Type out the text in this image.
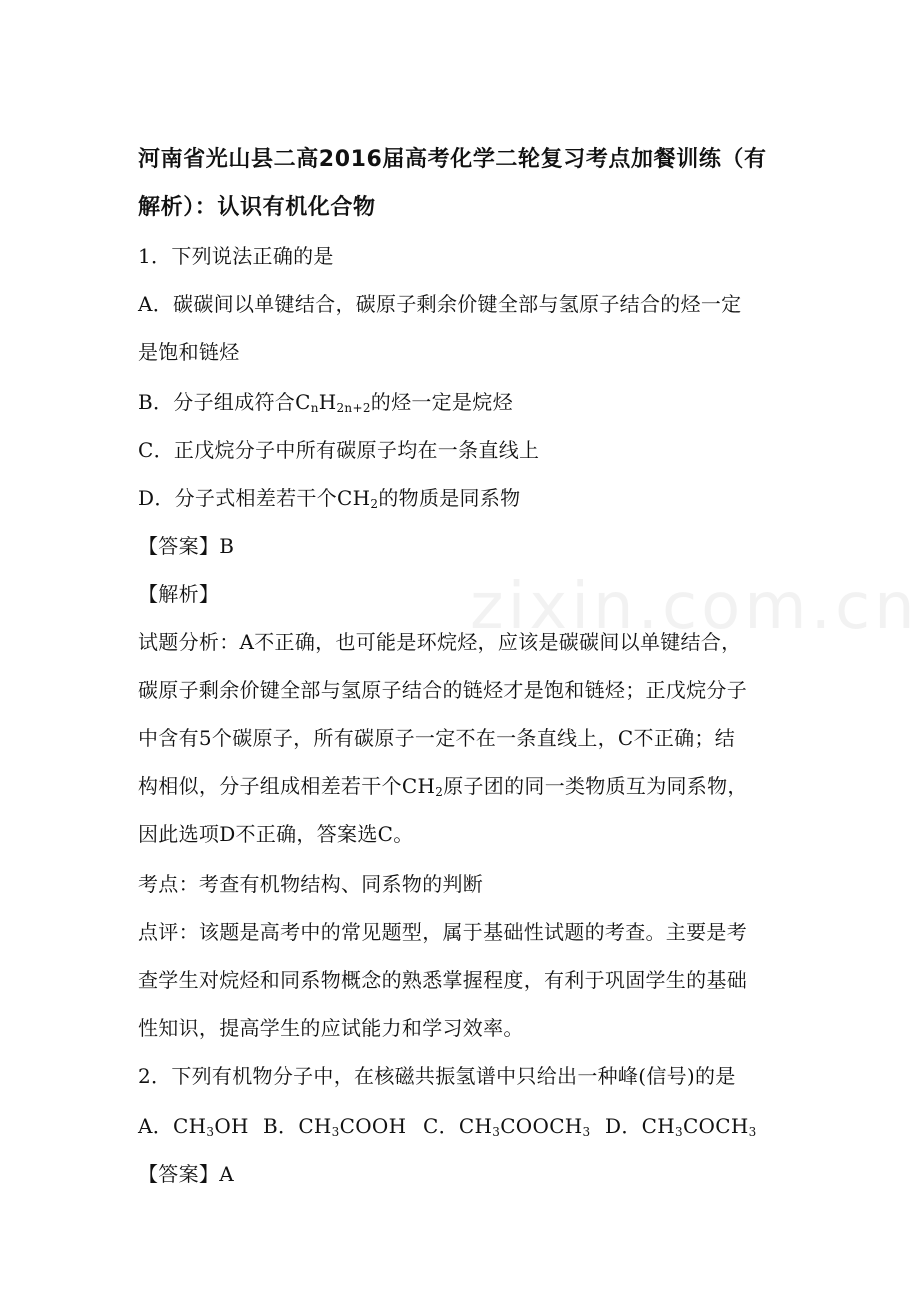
zixin.com.cn
河南省光山县二高2016届高考化学二轮复习考点加餐训练（有
解析）：认识有机化合物
1．下列说法正确的是
A．碳碳间以单键结合，碳原子剩余价键全部与氢原子结合的烃一定
是饱和链烃
B．分子组成符合$C_nH_{2n+2}$的烃一定是烷烃
C．正戊烷分子中所有碳原子均在一条直线上
D．分子式相差若干个$CH_2$的物质是同系物
【答案】B
【解析】
试题分析：A不正确，也可能是环烷烃，应该是碳碳间以单键结合，
碳原子剩余价键全部与氢原子结合的链烃才是饱和链烃；正戊烷分子
中含有5个碳原子，所有碳原子一定不在一条直线上，C不正确；结
构相似，分子组成相差若干个$CH_2$原子团的同一类物质互为同系物，
因此选项D不正确，答案选C。
考点：考查有机物结构、同系物的判断
点评：该题是高考中的常见题型，属于基础性试题的考查。主要是考
查学生对烷烃和同系物概念的熟悉掌握程度，有利于巩固学生的基础
性知识，提高学生的应试能力和学习效率。
2．下列有机物分子中，在核磁共振氢谱中只给出一种峰(信号)的是
A．$CH_3OH$ B．$CH_3COOH$ C．$CH_3COOCH_3$ D．$CH_3COCH_3$
【答案】A
